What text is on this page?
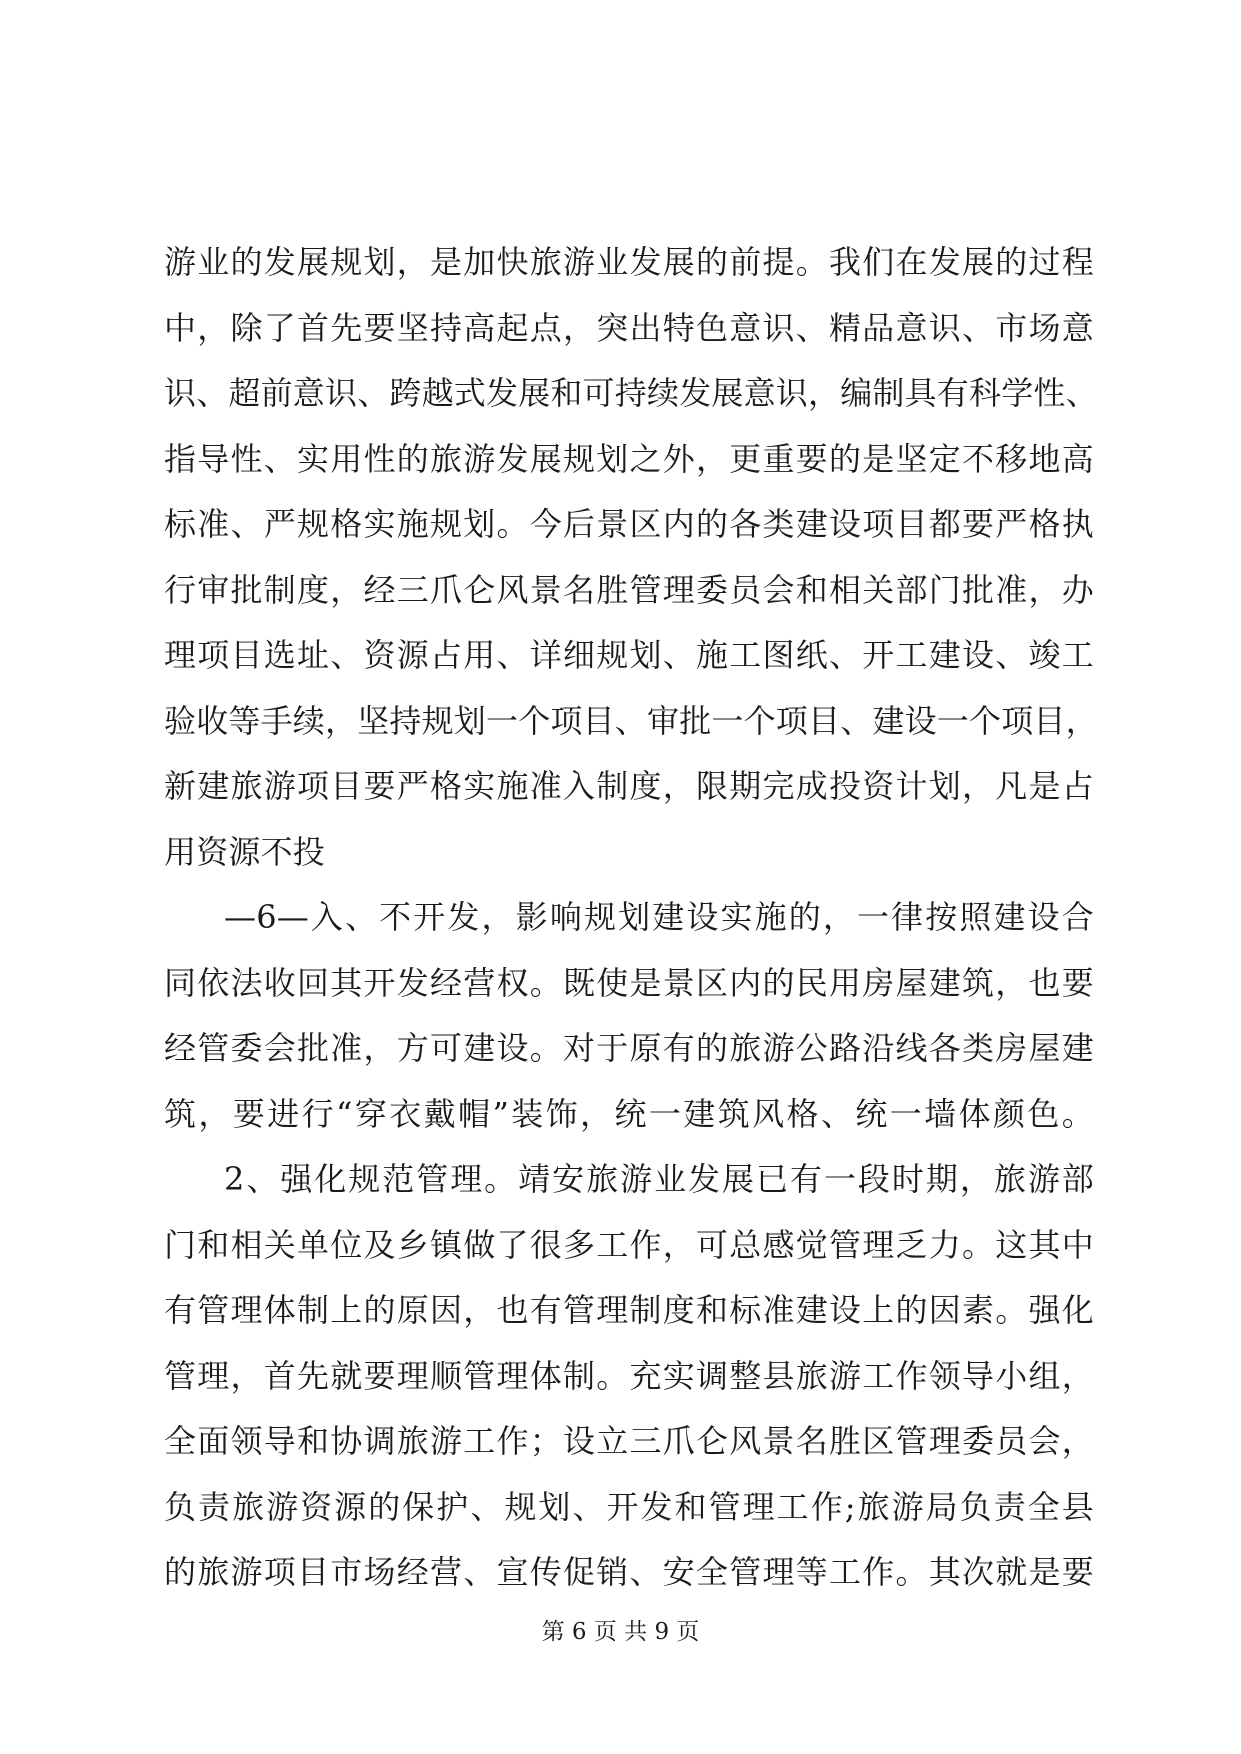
游业的发展规划，是加快旅游业发展的前提。我们在发展的过程
中，除了首先要坚持高起点，突出特色意识、精品意识、市场意
识、超前意识、跨越式发展和可持续发展意识，编制具有科学性、
指导性、实用性的旅游发展规划之外，更重要的是坚定不移地高
标准、严规格实施规划。今后景区内的各类建设项目都要严格执
行审批制度，经三爪仑风景名胜管理委员会和相关部门批准，办
理项目选址、资源占用、详细规划、施工图纸、开工建设、竣工
验收等手续，坚持规划一个项目、审批一个项目、建设一个项目，
新建旅游项目要严格实施准入制度，限期完成投资计划，凡是占
用资源不投
—6—入、不开发，影响规划建设实施的，一律按照建设合
同依法收回其开发经营权。既使是景区内的民用房屋建筑，也要
经管委会批准，方可建设。对于原有的旅游公路沿线各类房屋建
筑，要进行“穿衣戴帽”装饰，统一建筑风格、统一墙体颜色。
2、强化规范管理。靖安旅游业发展已有一段时期，旅游部
门和相关单位及乡镇做了很多工作，可总感觉管理乏力。这其中
有管理体制上的原因，也有管理制度和标准建设上的因素。强化
管理，首先就要理顺管理体制。充实调整县旅游工作领导小组，
全面领导和协调旅游工作；设立三爪仑风景名胜区管理委员会，
负责旅游资源的保护、规划、开发和管理工作;旅游局负责全县
的旅游项目市场经营、宣传促销、安全管理等工作。其次就是要
第 6 页 共 9 页
